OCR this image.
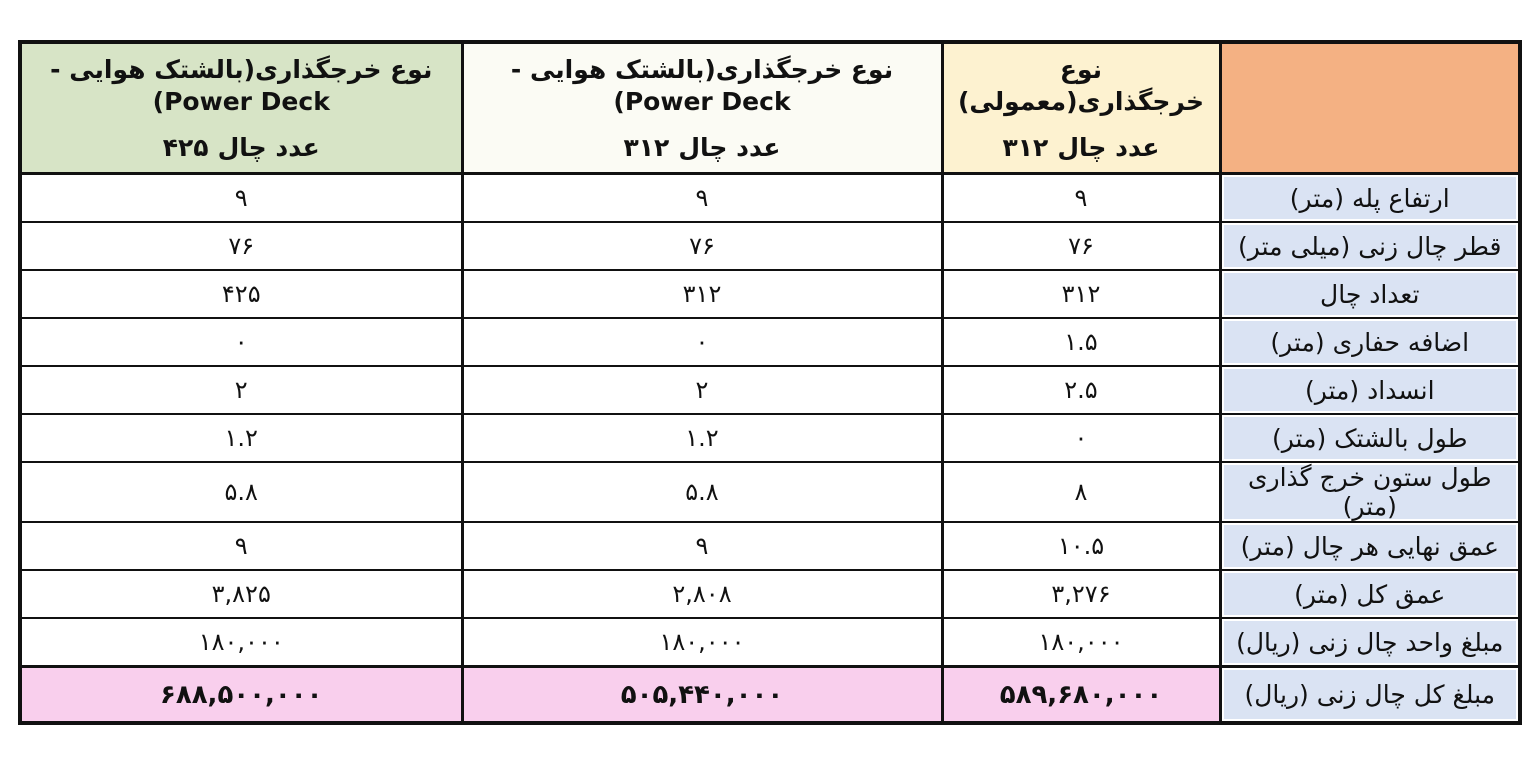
نوع خرجگذاری(بالشتک هوایی -Power Deck)
۴۲۵ عدد چال

نوع خرجگذاری(بالشتک هوایی -Power Deck)
۳۱۲ عدد چال

نوع خرجگذاری(معمولی)
۳۱۲ عدد چال

۹	۹	۹	ارتفاع پله (متر)
۷۶	۷۶	۷۶	قطر چال زنی (میلی متر)
۴۲۵	۳۱۲	۳۱۲	تعداد چال
۰	۰	۱.۵	اضافه حفاری (متر)
۲	۲	۲.۵	انسداد (متر)
۱.۲	۱.۲	۰	طول بالشتک (متر)
۵.۸	۵.۸	۸	طول ستون خرج گذاری (متر)
۹	۹	۱۰.۵	عمق نهایی هر چال (متر)
۳,۸۲۵	۲,۸۰۸	۳,۲۷۶	عمق کل (متر)
۱۸۰,۰۰۰	۱۸۰,۰۰۰	۱۸۰,۰۰۰	مبلغ واحد چال زنی (ریال)
۶۸۸,۵۰۰,۰۰۰	۵۰۵,۴۴۰,۰۰۰	۵۸۹,۶۸۰,۰۰۰	مبلغ کل چال زنی (ریال)
